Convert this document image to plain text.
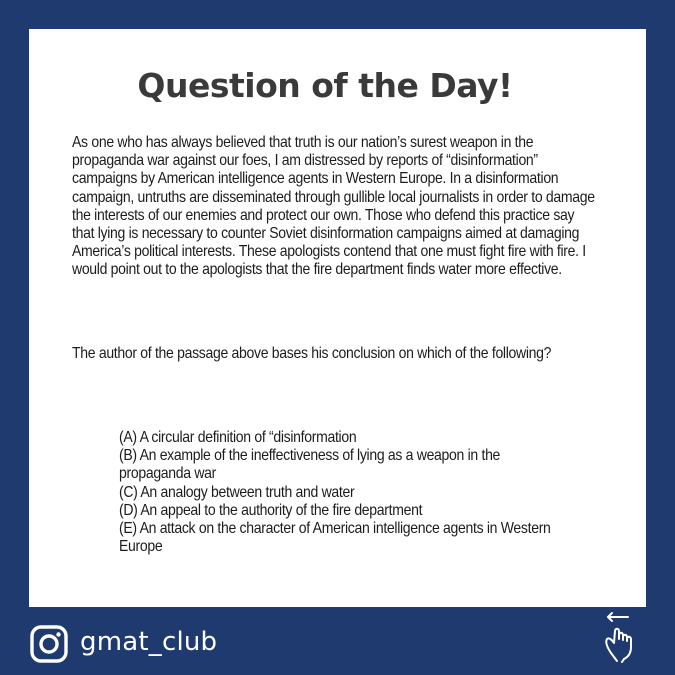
Question of the Day!

As one who has always believed that truth is our nation’s surest weapon in the propaganda war against our foes, I am distressed by reports of “disinformation” campaigns by American intelligence agents in Western Europe. In a disinformation campaign, untruths are disseminated through gullible local journalists in order to damage the interests of our enemies and protect our own. Those who defend this practice say that lying is necessary to counter Soviet disinformation campaigns aimed at damaging America’s political interests. These apologists contend that one must fight fire with fire. I would point out to the apologists that the fire department finds water more effective.

The author of the passage above bases his conclusion on which of the following?

(A) A circular definition of “disinformation
(B) An example of the ineffectiveness of lying as a weapon in the propaganda war
(C) An analogy between truth and water
(D) An appeal to the authority of the fire department
(E) An attack on the character of American intelligence agents in Western Europe
gmat_club
